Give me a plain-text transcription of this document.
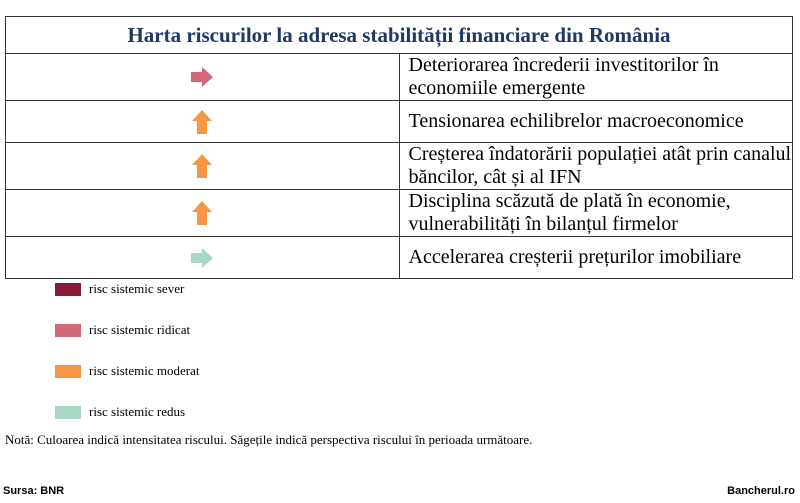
Harta riscurilor la adresa stabilității financiare din România	

	Deteriorarea încrederii investitorilor în economiile emergente

	Tensionarea echilibrelor macroeconomice

	Creșterea îndatorării populației atât prin canalul băncilor, cât și al IFN

	Disciplina scăzută de plată în economie, vulnerabilități în bilanțul firmelor

	Accelerarea creșterii prețurilor imobiliare
risc sistemic sever
risc sistemic ridicat
risc sistemic moderat
risc sistemic redus
Notă: Culoarea indică intensitatea riscului. Săgețile indică perspectiva riscului în perioada următoare.
Sursa: BNR	Bancherul.ro
